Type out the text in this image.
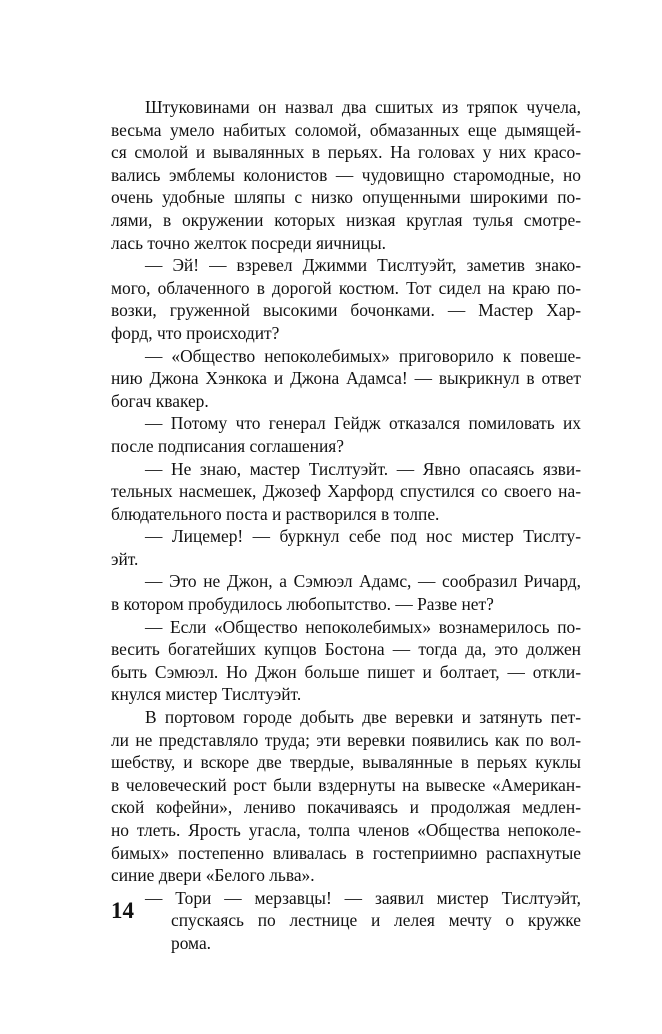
Штуковинами он назвал два сшитых из тряпок чучела,
весьма умело набитых соломой, обмазанных еще дымящей-
ся смолой и вывалянных в перьях. На головах у них красо-
вались эмблемы колонистов — чудовищно старомодные, но
очень удобные шляпы с низко опущенными широкими по-
лями, в окружении которых низкая круглая тулья смотре-
лась точно желток посреди яичницы.
— Эй! — взревел Джимми Тислтуэйт, заметив знако-
мого, облаченного в дорогой костюм. Тот сидел на краю по-
возки, груженной высокими бочонками. — Мастер Хар-
форд, что происходит?
— «Общество непоколебимых» приговорило к повеше-
нию Джона Хэнкока и Джона Адамса! — выкрикнул в ответ
богач квакер.
— Потому что генерал Гейдж отказался помиловать их
после подписания соглашения?
— Не знаю, мастер Тислтуэйт. — Явно опасаясь язви-
тельных насмешек, Джозеф Харфорд спустился со своего на-
блюдательного поста и растворился в толпе.
— Лицемер! — буркнул себе под нос мистер Тислту-
эйт.
— Это не Джон, а Сэмюэл Адамс, — сообразил Ричард,
в котором пробудилось любопытство. — Разве нет?
— Если «Общество непоколебимых» вознамерилось по-
весить богатейших купцов Бостона — тогда да, это должен
быть Сэмюэл. Но Джон больше пишет и болтает, — откли-
кнулся мистер Тислтуэйт.
В портовом городе добыть две веревки и затянуть пет-
ли не представляло труда; эти веревки появились как по вол-
шебству, и вскоре две твердые, вывалянные в перьях куклы
в человеческий рост были вздернуты на вывеске «Американ-
ской кофейни», лениво покачиваясь и продолжая медлен-
но тлеть. Ярость угасла, толпа членов «Общества непоколе-
бимых» постепенно вливалась в гостеприимно распахнутые
синие двери «Белого льва».
— Тори — мерзавцы! — заявил мистер Тислтуэйт,
спускаясь по лестнице и лелея мечту о кружке
рома.
14
